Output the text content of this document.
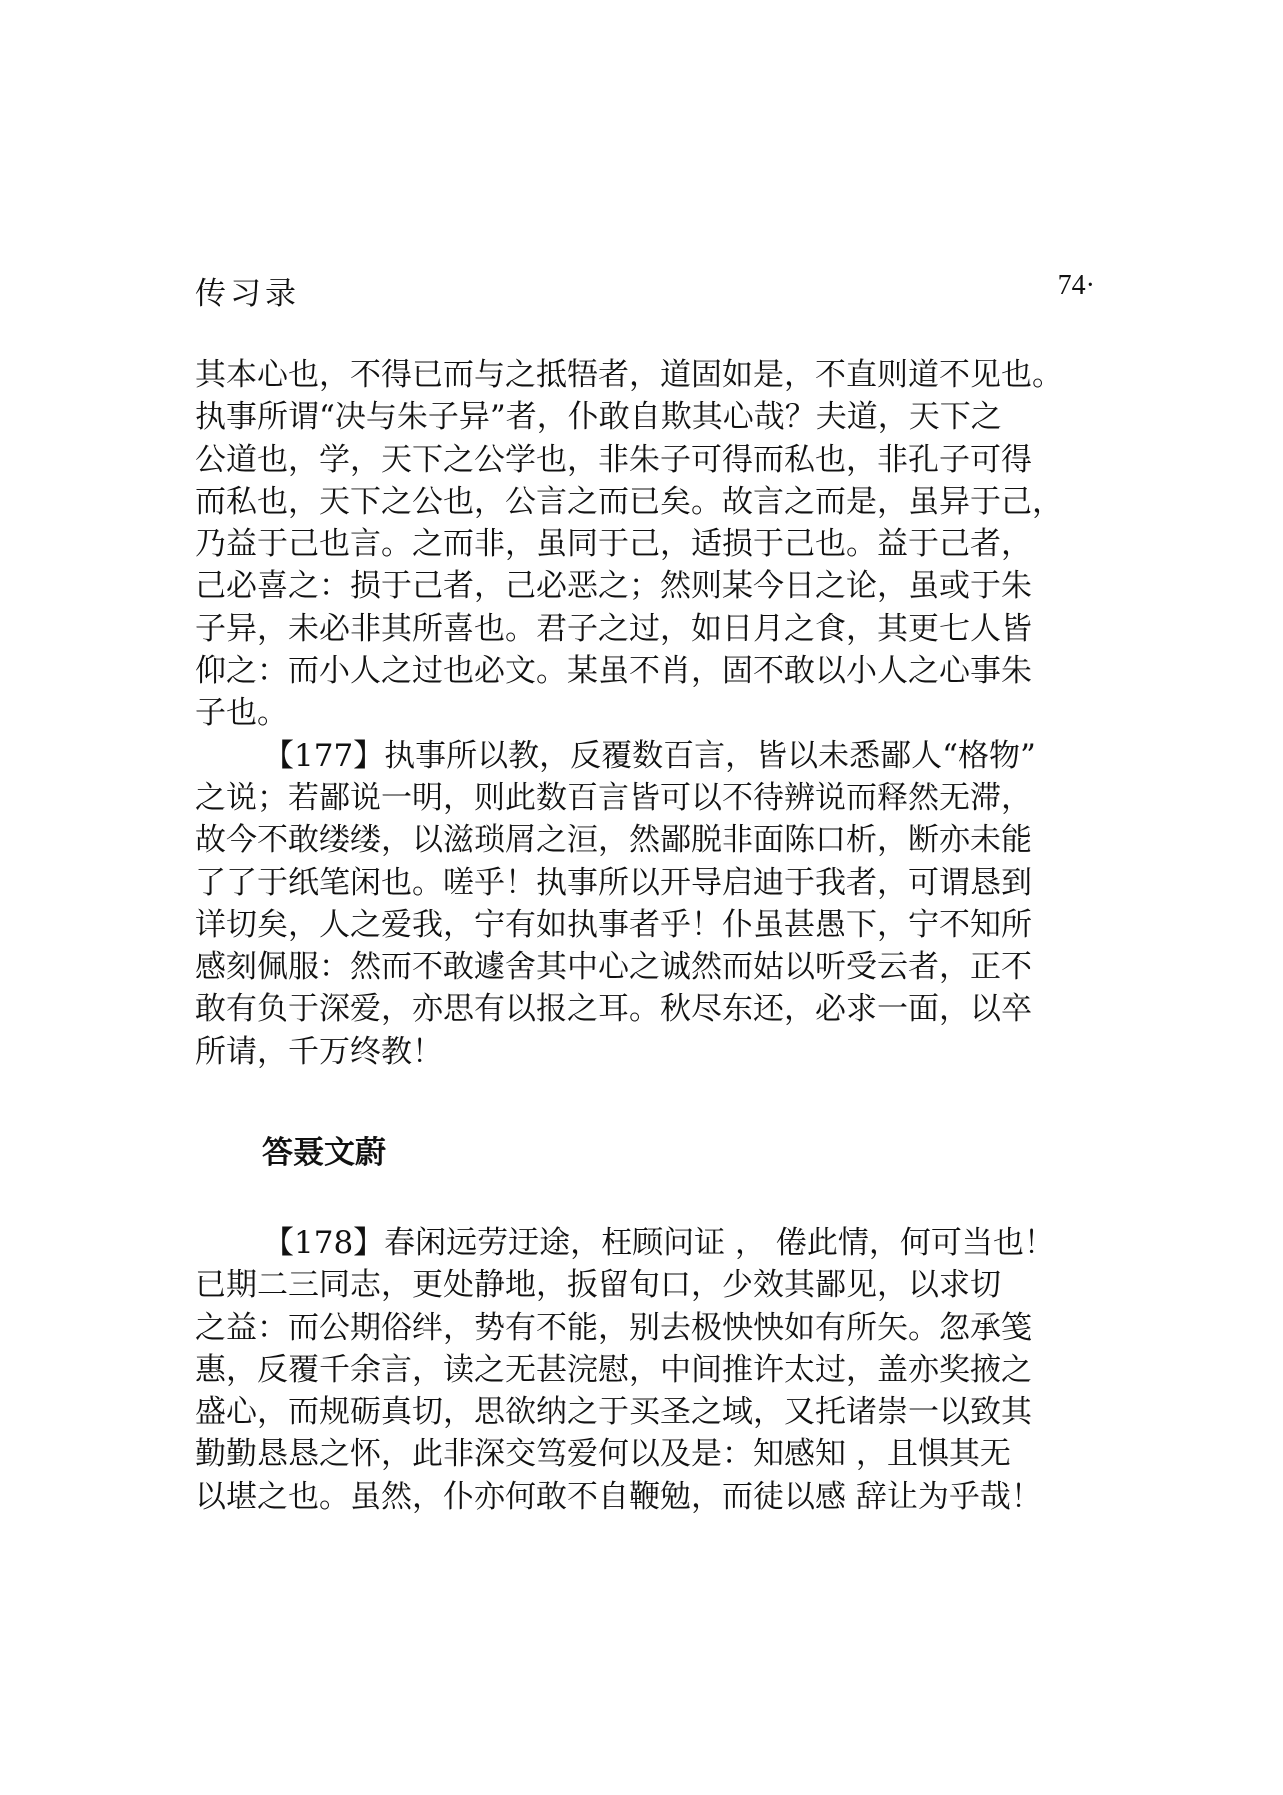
传习录	74·
其本心也，不得已而与之抵牾者，道固如是，不直则道不见也。
执事所谓“决与朱子异”者，仆敢自欺其心哉？夫道，天下之
公道也，学，天下之公学也，非朱子可得而私也，非孔子可得
而私也，天下之公也，公言之而已矣。故言之而是，虽异于己，
乃益于己也言。之而非，虽同于己，适损于己也。益于己者，
己必喜之：损于己者，己必恶之；然则某今日之论，虽或于朱
子异，未必非其所喜也。君子之过，如日月之食，其更七人皆
仰之：而小人之过也必文。某虽不肖，固不敢以小人之心事朱
子也。
【177】执事所以教，反覆数百言，皆以未悉鄙人“格物”
之说；若鄙说一明，则此数百言皆可以不待辨说而释然无滞，
故今不敢缕缕，以滋琐屑之洹，然鄙脱非面陈口析，断亦未能
了了于纸笔闲也。嗟乎！执事所以开导启迪于我者，可谓恳到
详切矣，人之爱我，宁有如执事者乎！仆虽甚愚下，宁不知所
感刻佩服：然而不敢遽舍其中心之诚然而姑以听受云者，正不
敢有负于深爱，亦思有以报之耳。秋尽东还，必求一面，以卒
所请，千万终教！
答聂文蔚
【178】春闲远劳迂途，枉顾问证 ， 倦此情，何可当也！
已期二三同志，更处静地，扳留旬口，少效其鄙见，以求切
之益：而公期俗绊，势有不能，别去极怏怏如有所矢。忽承笺
惠，反覆千余言，读之无甚浣慰，中间推许太过，盖亦奖掖之
盛心，而规砺真切，思欲纳之于买圣之域，又托诸崇一以致其
勤勤恳恳之怀，此非深交笃爱何以及是：知感知 ，且惧其无
以堪之也。虽然，仆亦何敢不自鞭勉，而徒以感 辞让为乎哉！
